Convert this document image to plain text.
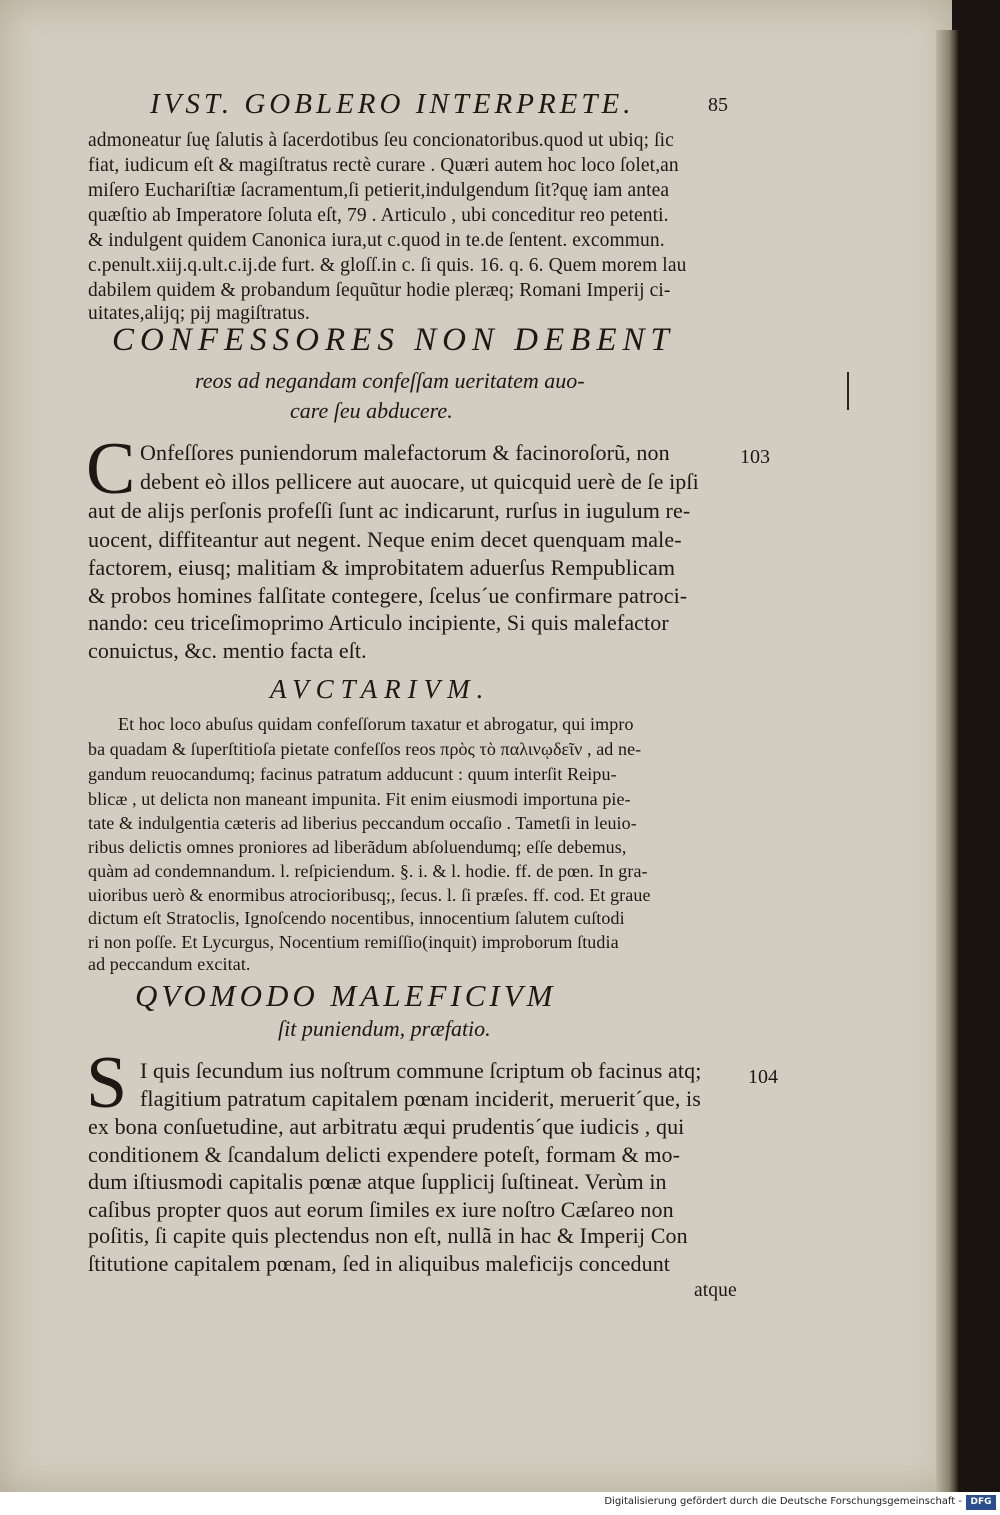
IVST. GOBLERO INTERPRETE.	85
admoneatur ſuę ſalutis à ſacerdotibus ſeu concionatoribus.quod ut ubiq; ſic
fiat, iudicum eſt & magiſtratus rectè curare . Quæri autem hoc loco ſolet,an
miſero Euchariſtiæ ſacramentum,ſi petierit,indulgendum ſit?quę iam antea
quæſtio ab Imperatore ſoluta eſt, 79 . Articulo , ubi conceditur reo petenti.
& indulgent quidem Canonica iura,ut c.quod in te.de ſentent. excommun.
c.penult.xiij.q.ult.c.ij.de furt. & gloſſ.in c. ſi quis. 16. q. 6. Quem morem lau
dabilem quidem & probandum ſequũtur hodie pleræq; Romani Imperij ci-
uitates,alijq; pij magiſtratus.
CONFESSORES NON DEBENT
reos ad negandam confeſſam ueritatem auo-
care ſeu abducere.
C	103
Onfeſſores puniendorum malefactorum & facinoroſorũ, non
debent eò illos pellicere aut auocare, ut quicquid uerè de ſe ipſi
aut de alijs perſonis profeſſi ſunt ac indicarunt, rurſus in iugulum re-
uocent, diffiteantur aut negent. Neque enim decet quenquam male-
factorem, eiusq; malitiam & improbitatem aduerſus Rempublicam
& probos homines falſitate contegere, ſcelus´ue confirmare patroci-
nando: ceu triceſimoprimo Articulo incipiente, Si quis malefactor
conuictus, &c. mentio facta eſt.
AVCTARIVM.
Et hoc loco abuſus quidam confeſſorum taxatur et abrogatur, qui impro
ba quadam & ſuperſtitioſa pietate confeſſos reos πρὸς τὸ παλινῳδεῖν , ad ne-
gandum reuocandumq; facinus patratum adducunt : quum interſit Reipu-
blicæ , ut delicta non maneant impunita. Fit enim eiusmodi importuna pie-
tate & indulgentia cæteris ad liberius peccandum occaſio . Tametſi in leuio-
ribus delictis omnes proniores ad liberãdum abſoluendumq; eſſe debemus,
quàm ad condemnandum. l. reſpiciendum. §. i. & l. hodie. ff. de pœn. In gra-
uioribus uerò & enormibus atrocioribusq;, ſecus. l. ſi præſes. ff. cod. Et graue
dictum eſt Stratoclis, Ignoſcendo nocentibus, innocentium ſalutem cuſtodi
ri non poſſe. Et Lycurgus, Nocentium remiſſio(inquit) improborum ſtudia
ad peccandum excitat.
QVOMODO MALEFICIVM
ſit puniendum, præfatio.
S	104
I quis ſecundum ius noſtrum commune ſcriptum ob facinus atq;
flagitium patratum capitalem pœnam inciderit, meruerit´que, is
ex bona conſuetudine, aut arbitratu æqui prudentis´que iudicis , qui
conditionem & ſcandalum delicti expendere poteſt, formam & mo-
dum iſtiusmodi capitalis pœnæ atque ſupplicij ſuſtineat. Verùm in
caſibus propter quos aut eorum ſimiles ex iure noſtro Cæſareo non
poſitis, ſi capite quis plectendus non eſt, nullã in hac & Imperij Con
ſtitutione capitalem pœnam, ſed in aliquibus maleficijs concedunt
atque
Digitalisierung gefördert durch die Deutsche Forschungsgemeinschaft - DFG
